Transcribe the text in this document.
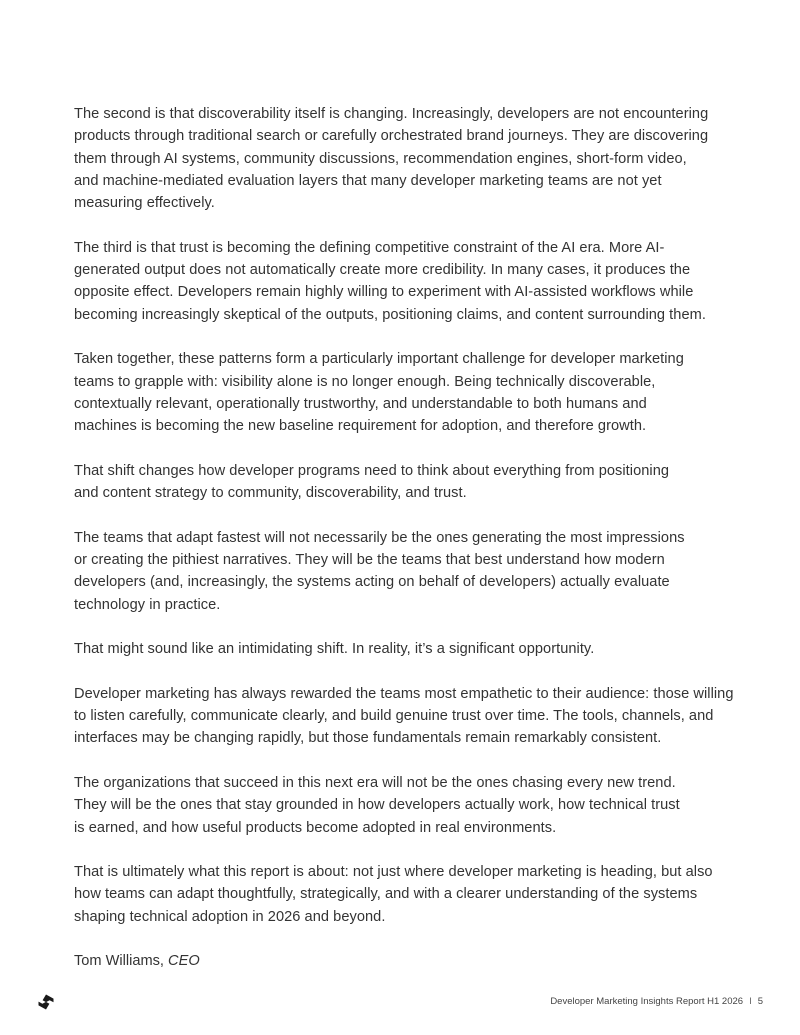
The second is that discoverability itself is changing. Increasingly, developers are not encountering
products through traditional search or carefully orchestrated brand journeys. They are discovering
them through AI systems, community discussions, recommendation engines, short-form video,
and machine-mediated evaluation layers that many developer marketing teams are not yet
measuring effectively.

The third is that trust is becoming the defining competitive constraint of the AI era. More AI-
generated output does not automatically create more credibility. In many cases, it produces the
opposite effect. Developers remain highly willing to experiment with AI-assisted workflows while
becoming increasingly skeptical of the outputs, positioning claims, and content surrounding them.

Taken together, these patterns form a particularly important challenge for developer marketing
teams to grapple with: visibility alone is no longer enough. Being technically discoverable,
contextually relevant, operationally trustworthy, and understandable to both humans and
machines is becoming the new baseline requirement for adoption, and therefore growth.

That shift changes how developer programs need to think about everything from positioning
and content strategy to community, discoverability, and trust.

The teams that adapt fastest will not necessarily be the ones generating the most impressions
or creating the pithiest narratives. They will be the teams that best understand how modern
developers (and, increasingly, the systems acting on behalf of developers) actually evaluate
technology in practice.

That might sound like an intimidating shift. In reality, it’s a significant opportunity.

Developer marketing has always rewarded the teams most empathetic to their audience: those willing
to listen carefully, communicate clearly, and build genuine trust over time. The tools, channels, and
interfaces may be changing rapidly, but those fundamentals remain remarkably consistent.

The organizations that succeed in this next era will not be the ones chasing every new trend.
They will be the ones that stay grounded in how developers actually work, how technical trust
is earned, and how useful products become adopted in real environments.

That is ultimately what this report is about: not just where developer marketing is heading, but also
how teams can adapt thoughtfully, strategically, and with a clearer understanding of the systems
shaping technical adoption in 2026 and beyond.

Tom Williams, CEO

Developer Marketing Insights Report H1 2026 I 5
